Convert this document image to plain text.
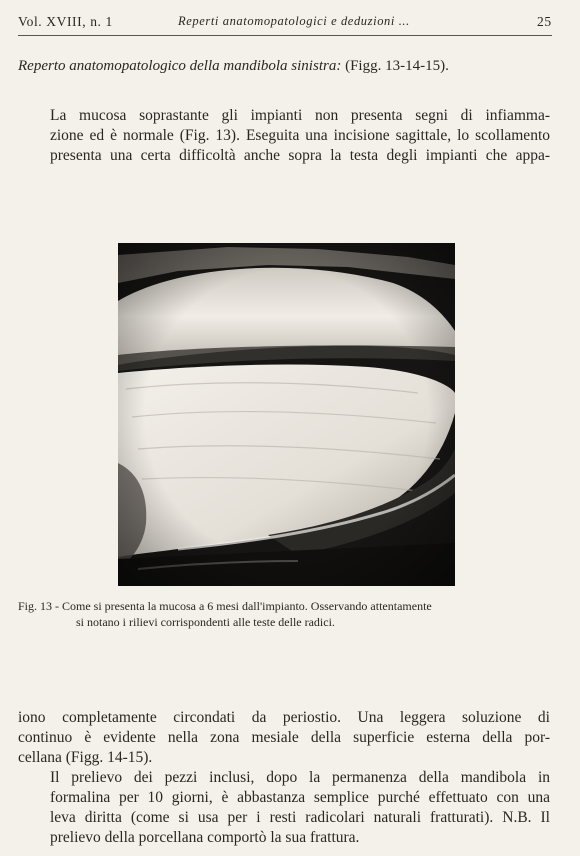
Vol. XVIII, n. 1	Reperti anatomopatologici e deduzioni ...	25
Reperto anatomopatologico della mandibola sinistra: (Figg. 13-14-15).
La mucosa soprastante gli impianti non presenta segni di infiamma-
zione ed è normale (Fig. 13). Eseguita una incisione sagittale, lo scollamento
presenta una certa difficoltà anche sopra la testa degli impianti che appa-
Fig. 13 - Come si presenta la mucosa a 6 mesi dall'impianto. Osservando attentamente
si notano i rilievi corrispondenti alle teste delle radici.
iono completamente circondati da periostio. Una leggera soluzione di
continuo è evidente nella zona mesiale della superficie esterna della por-
cellana (Figg. 14-15).
Il prelievo dei pezzi inclusi, dopo la permanenza della mandibola in
formalina per 10 giorni, è abbastanza semplice purché effettuato con una
leva diritta (come si usa per i resti radicolari naturali fratturati). N.B. Il
prelievo della porcellana comportò la sua frattura.
